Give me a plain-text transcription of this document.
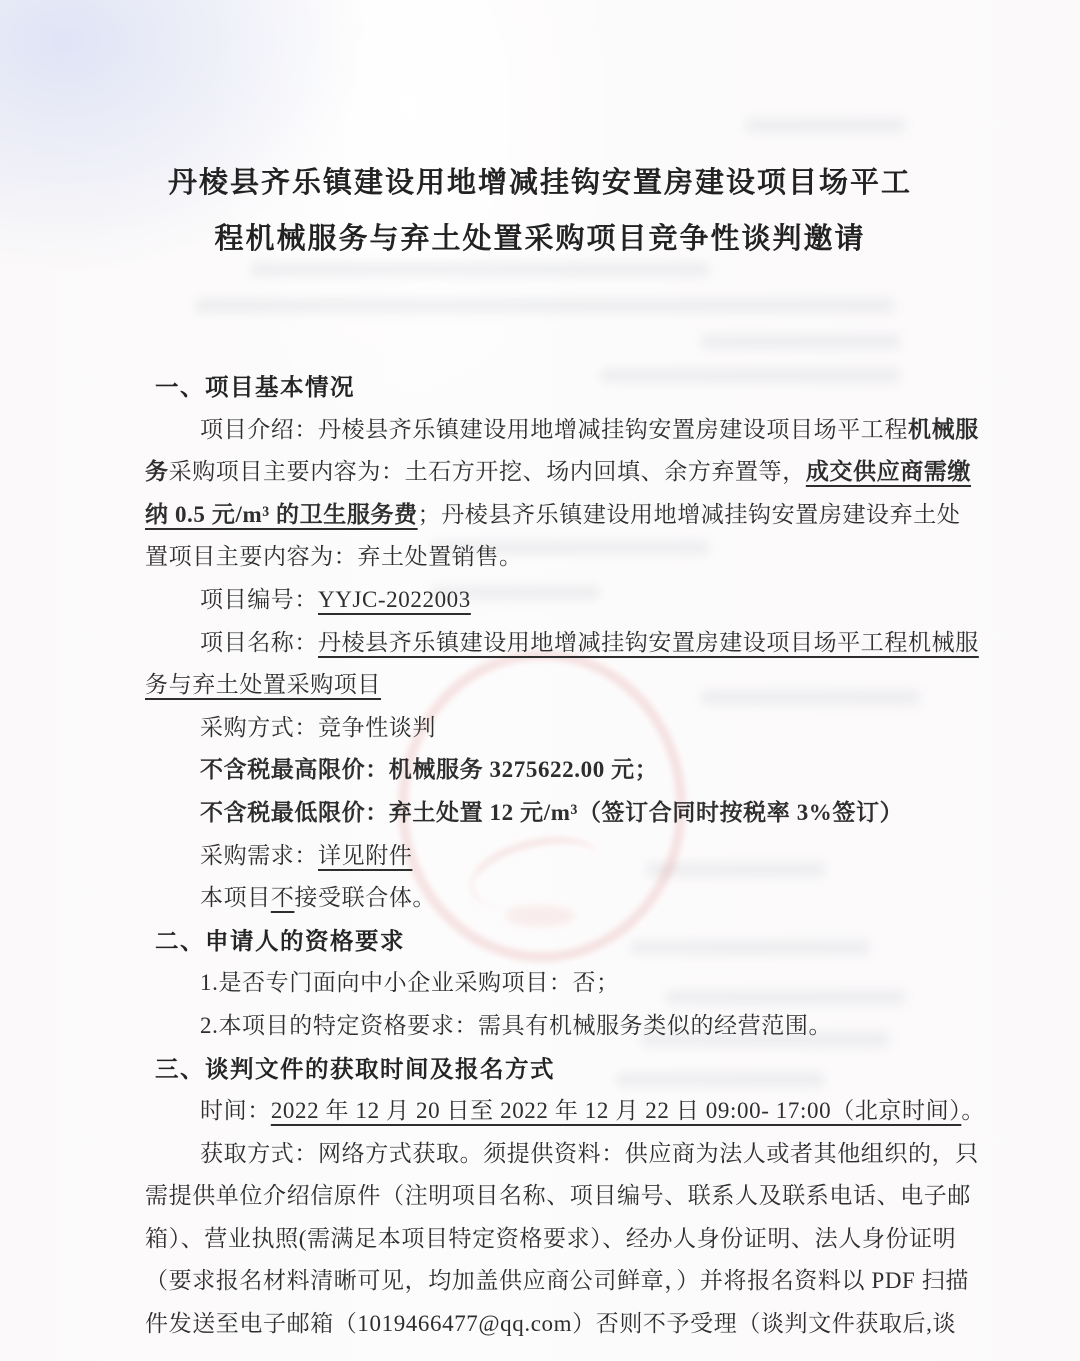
丹棱县齐乐镇建设用地增减挂钩安置房建设项目场平工
程机械服务与弃土处置采购项目竞争性谈判邀请
一、项目基本情况
项目介绍：丹棱县齐乐镇建设用地增减挂钩安置房建设项目场平工程机械服
务采购项目主要内容为：土石方开挖、场内回填、余方弃置等，成交供应商需缴
纳 0.5 元/m³ 的卫生服务费；丹棱县齐乐镇建设用地增减挂钩安置房建设弃土处
置项目主要内容为：弃土处置销售。
项目编号：YYJC-2022003
项目名称：丹棱县齐乐镇建设用地增减挂钩安置房建设项目场平工程机械服
务与弃土处置采购项目
采购方式：竞争性谈判
不含税最高限价：机械服务 3275622.00 元；
不含税最低限价：弃土处置 12 元/m³（签订合同时按税率 3%签订）
采购需求：详见附件
本项目不接受联合体。
二、申请人的资格要求
1.是否专门面向中小企业采购项目：否；
2.本项目的特定资格要求：需具有机械服务类似的经营范围。
三、谈判文件的获取时间及报名方式
时间：2022 年 12 月 20 日至 2022 年 12 月 22 日 09:00- 17:00（北京时间）。
获取方式：网络方式获取。须提供资料：供应商为法人或者其他组织的，只
需提供单位介绍信原件（注明项目名称、项目编号、联系人及联系电话、电子邮
箱）、营业执照(需满足本项目特定资格要求）、经办人身份证明、法人身份证明
（要求报名材料清晰可见，均加盖供应商公司鲜章，）并将报名资料以 PDF 扫描
件发送至电子邮箱（1019466477@qq.com）否则不予受理（谈判文件获取后,谈
